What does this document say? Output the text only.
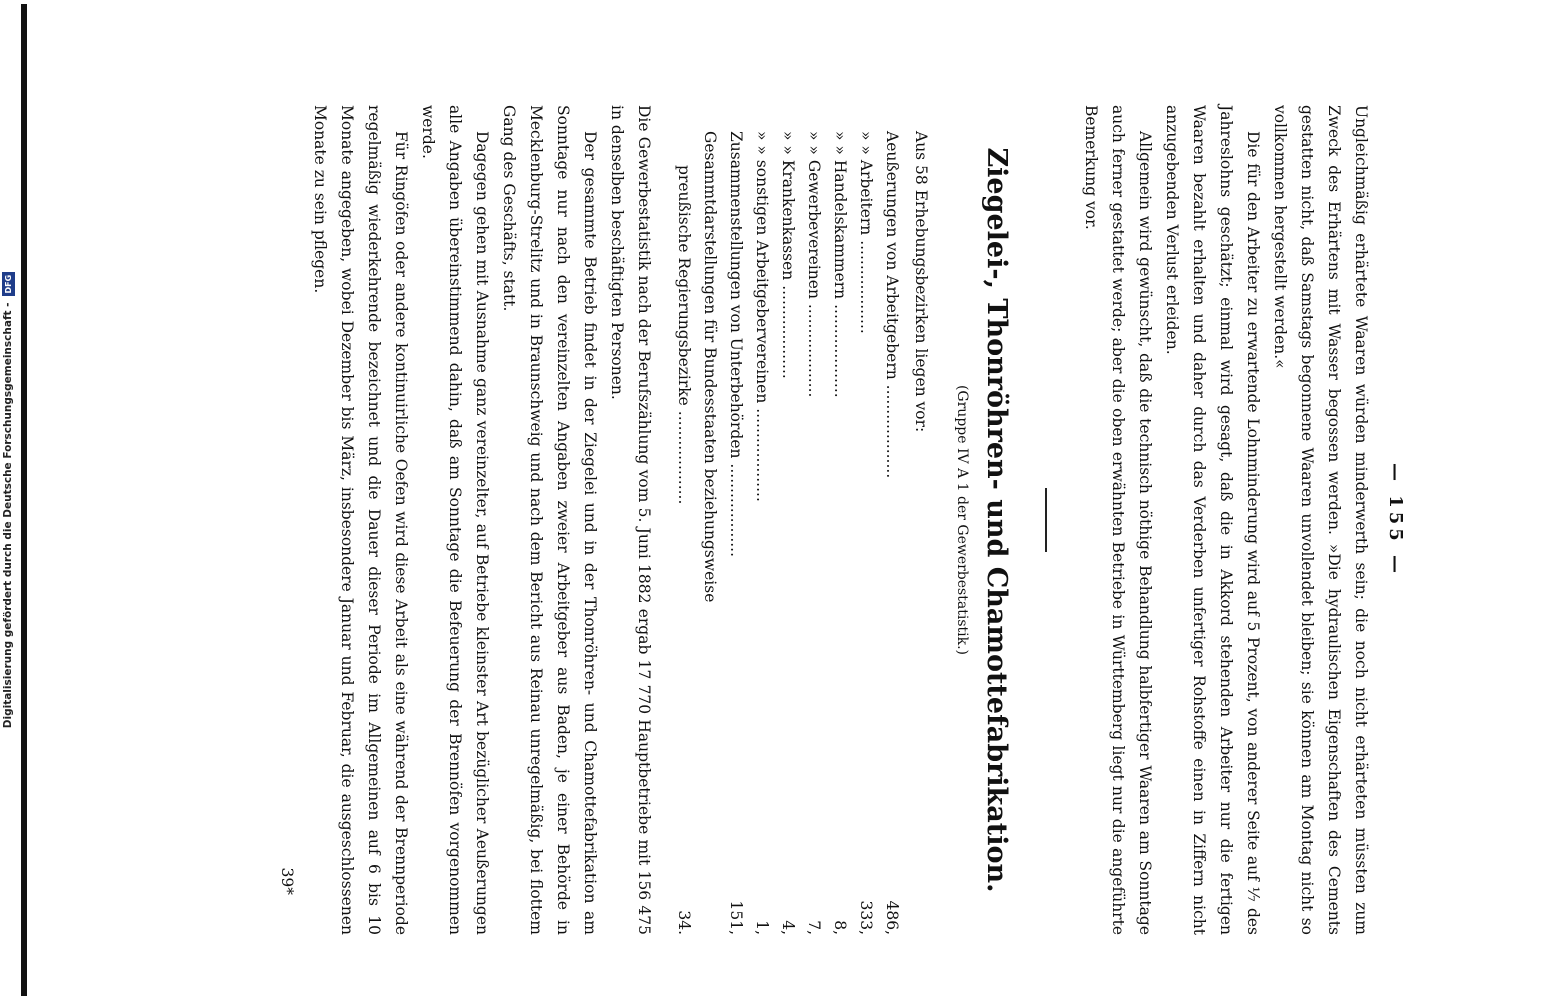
Digitalisierung gefördert durch die Deutsche Forschungsgemeinschaft -
DFG
— 155 —

Ungleichmäßig erhärtete Waaren würden minderwerth sein; die noch nicht erhärteten müssten zum Zweck des Erhärtens mit Wasser begossen werden. »Die hydraulischen Eigenschaften des Cements gestatten nicht, daß Samstags begonnene Waaren unvollendet bleiben; sie können am Montag nicht so vollkommen hergestellt werden.«

Die für den Arbeiter zu erwartende Lohnminderung wird auf 5 Prozent, von anderer Seite auf ⅐ des Jahreslohns geschätzt; einmal wird gesagt, daß die in Akkord stehenden Arbeiter nur die fertigen Waaren bezahlt erhalten und daher durch das Verderben unfertiger Rohstoffe einen in Ziffern nicht anzugebenden Verlust erleiden.

Allgemein wird gewünscht, daß die technisch nöthige Behandlung halbfertiger Waaren am Sonntage auch ferner gestattet werde; aber die oben erwähnten Betriebe in Württemberg liegt nur die angeführte Bemerkung vor.

Ziegelei-, Thonröhren- und Chamottefabrikation.
(Gruppe IV A 1 der Gewerbestatistik.)

Aus 58 Erhebungsbezirken liegen vor:

Aeußerungen von Arbeitgebern ...................	486,
» » Arbeitern ...................	333,
» » Handelskammern ...................	8,
» » Gewerbevereinen ...................	7,
» » Krankenkassen ...................	4,
» » sonstigen Arbeitgebervereinen ...................	1,
Zusammenstellungen von Unterbehörden ...................	151,
Gesammtdarstellungen für Bundesstaaten beziehungsweise	
preußische Regierungsbezirke ...................	34.

Die Gewerbestatistik nach der Berufszählung vom 5. Juni 1882 ergab 17 770 Hauptbetriebe mit 156 475 in denselben beschäftigten Personen.

Der gesammte Betrieb findet in der Ziegelei und in der Thonröhren- und Chamottefabrikation am Sonntage nur nach den vereinzelten Angaben zweier Arbeitgeber aus Baden, je einer Behörde in Mecklenburg-Strelitz und in Braunschweig und nach dem Bericht aus Reinau unregelmäßig, bei flottem Gang des Geschäfts, statt.

Dagegen gehen mit Ausnahme ganz vereinzelter, auf Betriebe kleinster Art bezüglicher Aeußerungen alle Angaben übereinstimmend dahin, daß am Sonntage die Befeuerung der Brennöfen vorgenommen werde.

Für Ringöfen oder andere kontinuirliche Oefen wird diese Arbeit als eine während der Brennperiode regelmäßig wiederkehrende bezeichnet und die Dauer dieser Periode im Allgemeinen auf 6 bis 10 Monate angegeben, wobei Dezember bis März, insbesondere Januar und Februar, die ausgeschlossenen Monate zu sein pflegen.

39*
